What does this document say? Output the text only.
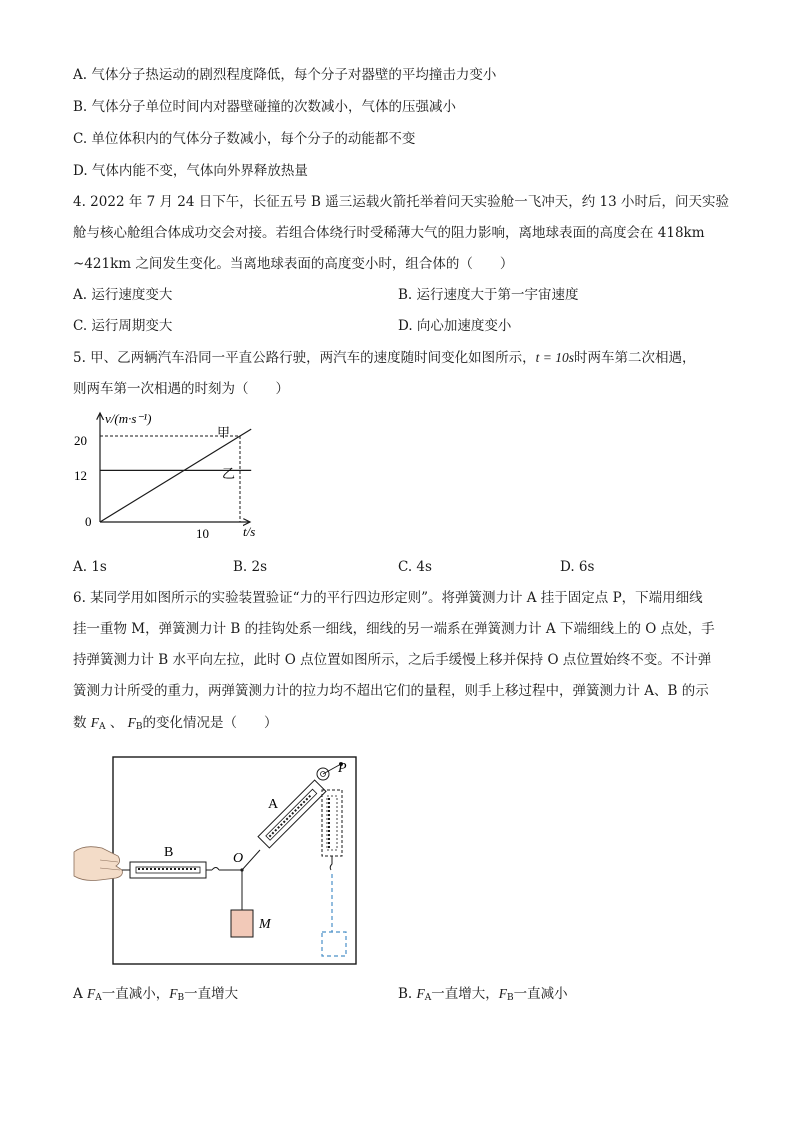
A. 气体分子热运动的剧烈程度降低，每个分子对器壁的平均撞击力变小
B. 气体分子单位时间内对器壁碰撞的次数减小，气体的压强减小
C. 单位体积内的气体分子数减小，每个分子的动能都不变
D. 气体内能不变，气体向外界释放热量
4. 2022 年 7 月 24 日下午，长征五号 B 遥三运载火箭托举着问天实验舱一飞冲天，约 13 小时后，问天实验
舱与核心舱组合体成功交会对接。若组合体绕行时受稀薄大气的阻力影响，离地球表面的高度会在 418km
~421km 之间发生变化。当离地球表面的高度变小时，组合体的（　　）
A. 运行速度变大	B. 运行速度大于第一宇宙速度
C. 运行周期变大	D. 向心加速度变小
5. 甲、乙两辆汽车沿同一平直公路行驶，两汽车的速度随时间变化如图所示，t = 10s时两车第二次相遇，
则两车第一次相遇的时刻为（　　）
v/(m·s⁻¹)
t/s
20
12
0
10
甲
乙
A. 1s	B. 2s	C. 4s	D. 6s
6. 某同学用如图所示的实验装置验证“力的平行四边形定则”。将弹簧测力计 A 挂于固定点 P，下端用细线
挂一重物 M，弹簧测力计 B 的挂钩处系一细线，细线的另一端系在弹簧测力计 A 下端细线上的 O 点处，手
持弹簧测力计 B 水平向左拉，此时 O 点位置如图所示，之后手缓慢上移并保持 O 点位置始终不变。不计弹
簧测力计所受的重力，两弹簧测力计的拉力均不超出它们的量程，则手上移过程中，弹簧测力计 A、B 的示
数 $F_A$ 、 $F_B$的变化情况是（　　）
B	O
M
A
P
A $F_A$一直减小，$F_B$一直增大	B. $F_A$一直增大，$F_B$一直减小
